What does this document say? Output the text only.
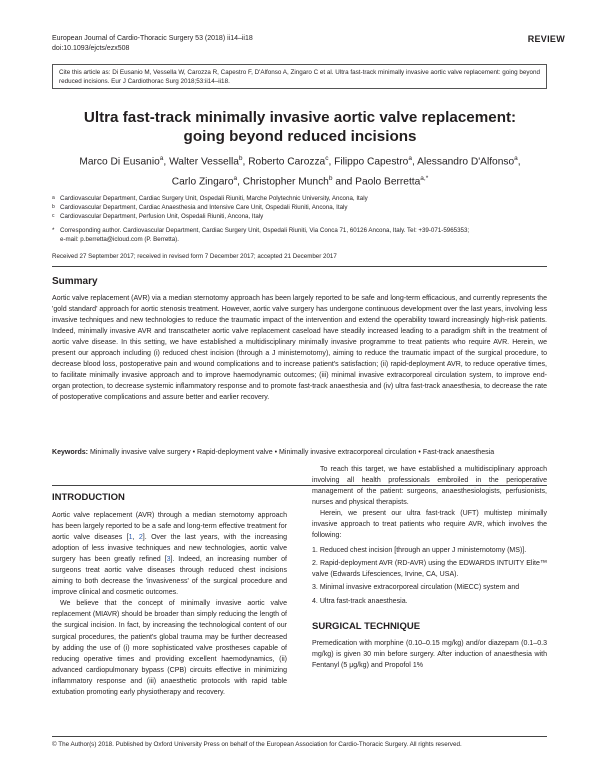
European Journal of Cardio-Thoracic Surgery 53 (2018) ii14–ii18
doi:10.1093/ejcts/ezx508
REVIEW
Cite this article as: Di Eusanio M, Vessella W, Carozza R, Capestro F, D'Alfonso A, Zingaro C et al. Ultra fast-track minimally invasive aortic valve replacement: going beyond reduced incisions. Eur J Cardiothorac Surg 2018;53:ii14–ii18.
Ultra fast-track minimally invasive aortic valve replacement:
going beyond reduced incisions
Marco Di Eusanio$^a$, Walter Vessella$^b$, Roberto Carozza$^c$, Filippo Capestro$^a$, Alessandro D'Alfonso$^a$,
Carlo Zingaro$^a$, Christopher Munch$^b$ and Paolo Berretta$^{a,*}$
a Cardiovascular Department, Cardiac Surgery Unit, Ospedali Riuniti, Marche Polytechnic University, Ancona, Italy
b Cardiovascular Department, Cardiac Anaesthesia and Intensive Care Unit, Ospedali Riuniti, Ancona, Italy
c Cardiovascular Department, Perfusion Unit, Ospedali Riuniti, Ancona, Italy
* Corresponding author. Cardiovascular Department, Cardiac Surgery Unit, Ospedali Riuniti, Via Conca 71, 60126 Ancona, Italy. Tel: +39-071-5965353;
e-mail: p.berretta@icloud.com (P. Berretta).
Received 27 September 2017; received in revised form 7 December 2017; accepted 21 December 2017
Summary
Aortic valve replacement (AVR) via a median sternotomy approach has been largely reported to be safe and long-term efficacious, and currently represents the 'gold standard' approach for aortic stenosis treatment. However, aortic valve surgery has undergone continuous development over the last years, involving less invasive techniques and new technologies to reduce the traumatic impact of the intervention and extend the operability toward increasingly high-risk patients. Indeed, minimally invasive AVR and transcatheter aortic valve replacement caseload have steadily increased leading to a paradigm shift in the treatment of aortic valve disease. In this setting, we have established a multidisciplinary minimally invasive programme to treat patients who require AVR. Herein, we present our approach including (i) reduced chest incision (through a J ministernotomy), aiming to reduce the traumatic impact of the surgical procedure, to decrease blood loss, postoperative pain and wound complications and to increase patient's satisfaction; (ii) rapid-deployment AVR, to reduce operative times, to facilitate minimally invasive approach and to improve haemodynamic outcomes; (iii) minimal invasive extracorporeal circulation system, to improve end-organ protection, to decrease systemic inflammatory response and to promote fast-track anaesthesia and (iv) ultra fast-track anaesthesia, to decrease the rate of postoperative complications and assure better and earlier recovery.
Keywords: Minimally invasive valve surgery • Rapid-deployment valve • Minimally invasive extracorporeal circulation • Fast-track anaesthesia
INTRODUCTION

Aortic valve replacement (AVR) through a median sternotomy approach has been largely reported to be a safe and long-term effective treatment for aortic valve diseases [1, 2]. Over the last years, with the increasing adoption of less invasive techniques and new technologies, aortic valve surgery has been greatly refined [3]. Indeed, an increasing number of surgeons treat aortic valve diseases through reduced chest incisions aiming to both decrease the 'invasiveness' of the surgical procedure and improve clinical and cosmetic outcomes.

We believe that the concept of minimally invasive aortic valve replacement (MIAVR) should be broader than simply reducing the length of the surgical incision. In fact, by increasing the technological content of our surgical procedures, the patient's global trauma may be further decreased by adding the use of (i) more sophisticated valve prostheses capable of reducing operative times and providing excellent haemodynamics, (ii) advanced cardiopulmonary bypass (CPB) circuits effective in minimizing inflammatory response and (iii) anaesthetic protocols with rapid table extubation promoting early physiotherapy and recovery.

To reach this target, we have established a multidisciplinary approach involving all health professionals embroiled in the perioperative management of the patient: surgeons, anaesthesiologists, perfusionists, nurses and physical therapists.

Herein, we present our ultra fast-track (UFT) multistep minimally invasive approach to treat patients who require AVR, which involves the following:

1. Reduced chest incision [through an upper J ministernotomy (MS)].
2. Rapid-deployment AVR (RD-AVR) using the EDWARDS INTUITY Elite™ valve (Edwards Lifesciences, Irvine, CA, USA).
3. Minimal invasive extracorporeal circulation (MiECC) system and
4. Ultra fast-track anaesthesia.
SURGICAL TECHNIQUE

Premedication with morphine (0.10–0.15 mg/kg) and/or diazepam (0.1–0.3 mg/kg) is given 30 min before surgery. After induction of anaesthesia with Fentanyl (5 μg/kg) and Propofol 1%

© The Author(s) 2018. Published by Oxford University Press on behalf of the European Association for Cardio-Thoracic Surgery. All rights reserved.
